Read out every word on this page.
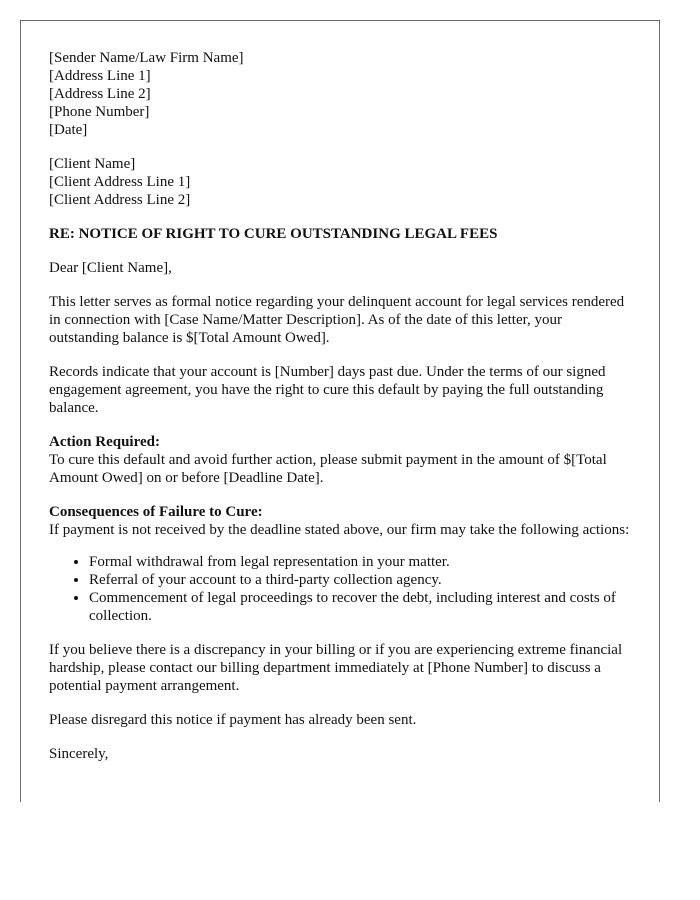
[Sender Name/Law Firm Name]
[Address Line 1]
[Address Line 2]
[Phone Number]
[Date]
[Client Name]
[Client Address Line 1]
[Client Address Line 2]
RE: NOTICE OF RIGHT TO CURE OUTSTANDING LEGAL FEES

Dear [Client Name],

This letter serves as formal notice regarding your delinquent account for legal services rendered in connection with [Case Name/Matter Description]. As of the date of this letter, your outstanding balance is $[Total Amount Owed].

Records indicate that your account is [Number] days past due. Under the terms of our signed engagement agreement, you have the right to cure this default by paying the full outstanding balance.

Action Required:
To cure this default and avoid further action, please submit payment in the amount of $[Total Amount Owed] on or before [Deadline Date].

Consequences of Failure to Cure:
If payment is not received by the deadline stated above, our firm may take the following actions:

• Formal withdrawal from legal representation in your matter.
• Referral of your account to a third-party collection agency.
• Commencement of legal proceedings to recover the debt, including interest and costs of collection.

If you believe there is a discrepancy in your billing or if you are experiencing extreme financial hardship, please contact our billing department immediately at [Phone Number] to discuss a potential payment arrangement.

Please disregard this notice if payment has already been sent.

Sincerely,
